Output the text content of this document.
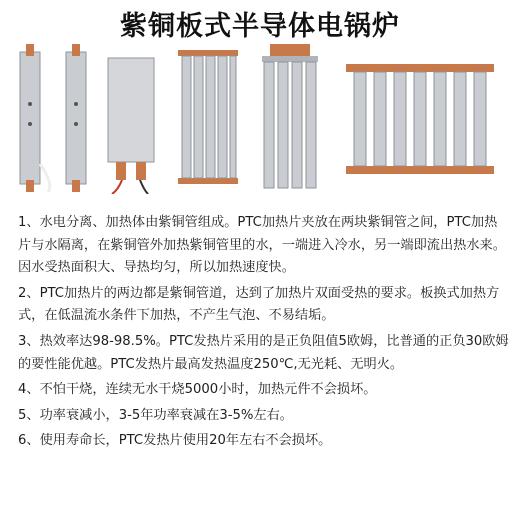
紫铜板式半导体电锅炉

1、水电分离、加热体由紫铜管组成。PTC加热片夹放在两块紫铜管之间，PTC加热片与水隔离，在紫铜管外加热紫铜管里的水，一端进入冷水，另一端即流出热水来。因水受热面积大、导热均匀，所以加热速度快。

2、PTC加热片的两边都是紫铜管道，达到了加热片双面受热的要求。板换式加热方式，在低温流水条件下加热，不产生气泡、不易结垢。

3、热效率达98-98.5%。PTC发热片采用的是正负阻值5欧姆，比普通的正负30欧姆的要性能优越。PTC发热片最高发热温度250℃,无光耗、无明火。

4、不怕干烧，连续无水干烧5000小时，加热元件不会损坏。

5、功率衰减小，3-5年功率衰减在3-5%左右。

6、使用寿命长，PTC发热片使用20年左右不会损坏。
